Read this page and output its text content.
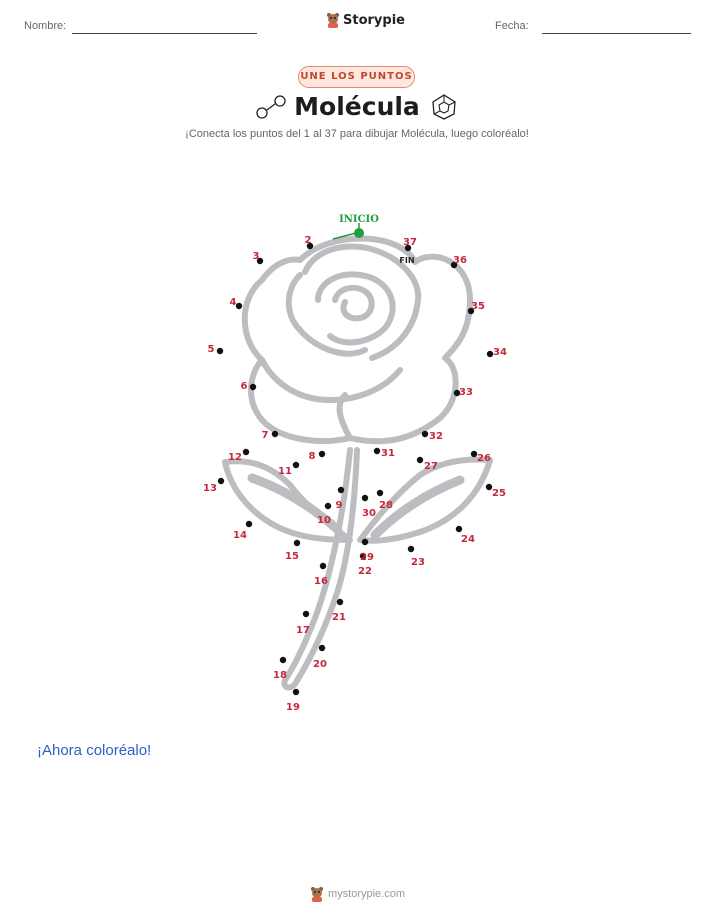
Nombre:	Storypie	Fecha:
UNE LOS PUNTOS
Molécula
¡Conecta los puntos del 1 al 37 para dibujar Molécula, luego coloréalo!
INICIO
FIN
2
3
4
5
6
7
8
9
10
11
12
13
14
15
16
17
18
19
20
21
22
23
24
25
26
27
28
29
30
31
32
33
34
35
36
37
¡Ahora coloréalo!
mystorypie.com
